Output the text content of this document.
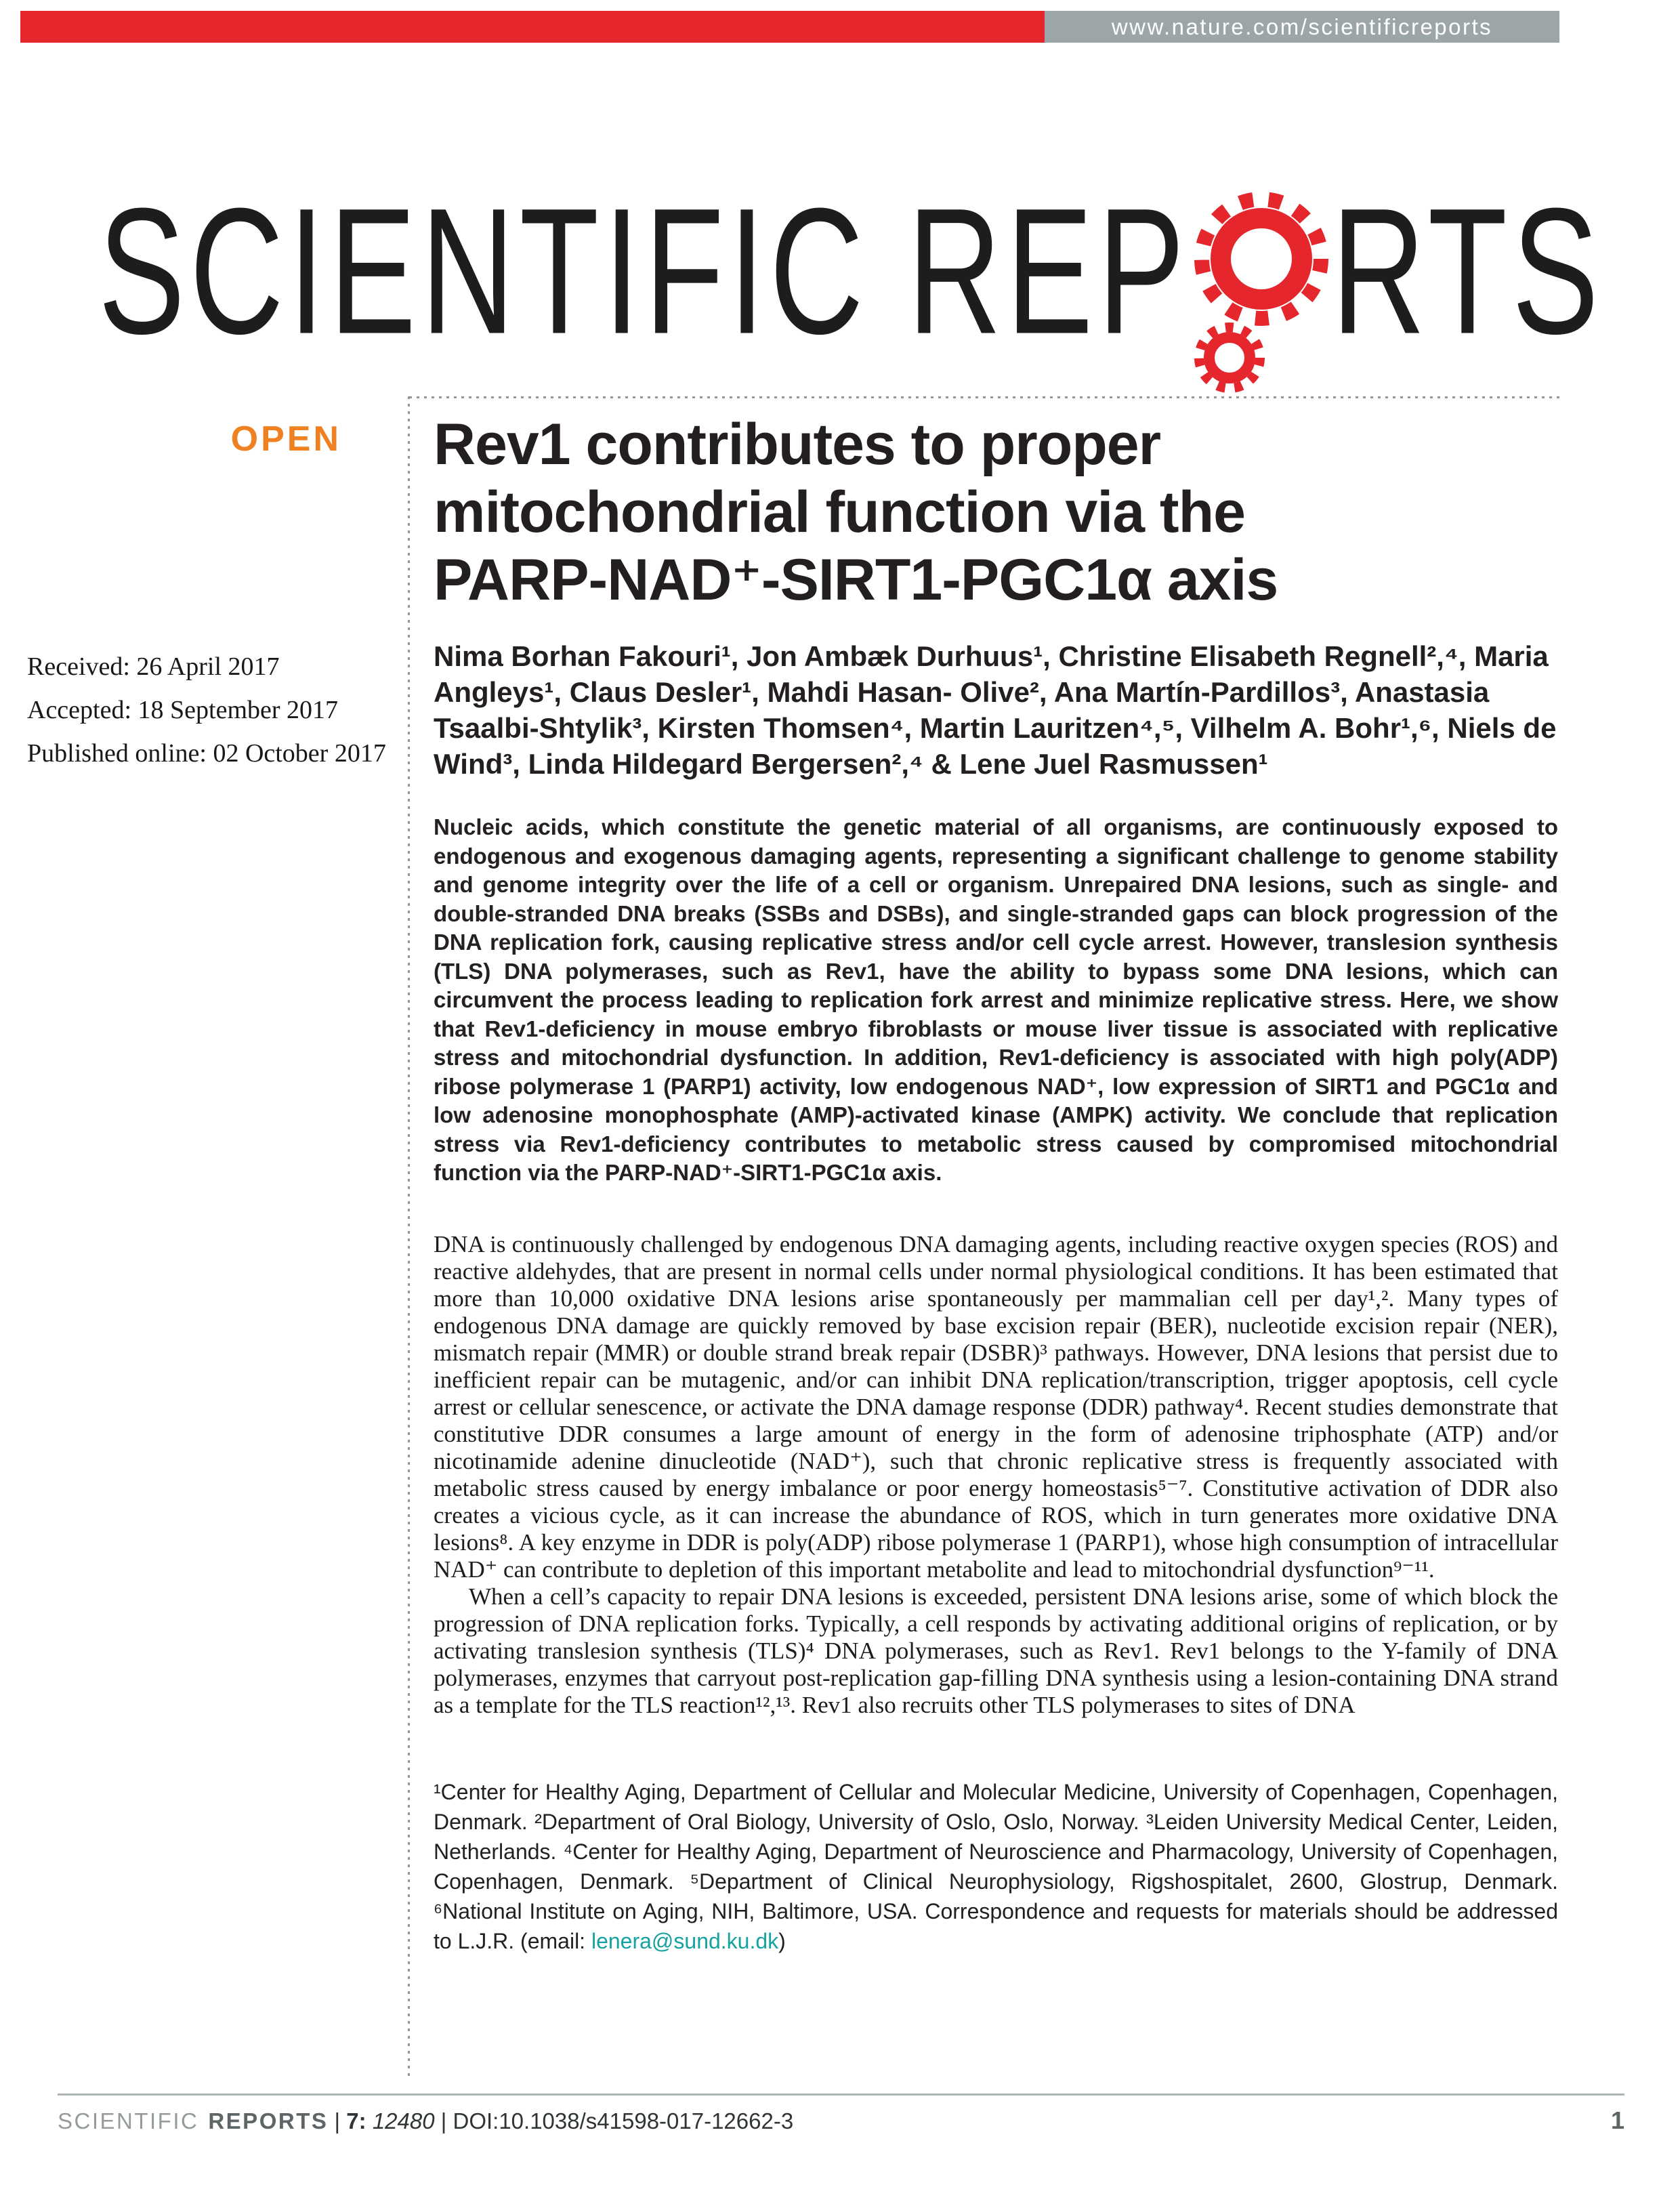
www.nature.com/scientificreports
SCIENTIFIC REP RTS
OPEN

Received: 26 April 2017

Accepted: 18 September 2017

Published online: 02 October 2017

Rev1 contributes to proper
mitochondrial function via the
PARP-NAD⁺-SIRT1-PGC1α axis
Nima Borhan Fakouri¹, Jon Ambæk Durhuus¹, Christine Elisabeth Regnell²,⁴, Maria Angleys¹, Claus Desler¹, Mahdi Hasan- Olive², Ana Martín-Pardillos³, Anastasia Tsaalbi-Shtylik³, Kirsten Thomsen⁴, Martin Lauritzen⁴,⁵, Vilhelm A. Bohr¹,⁶, Niels de Wind³, Linda Hildegard Bergersen²,⁴ & Lene Juel Rasmussen¹
Nucleic acids, which constitute the genetic material of all organisms, are continuously exposed to endogenous and exogenous damaging agents, representing a significant challenge to genome stability and genome integrity over the life of a cell or organism. Unrepaired DNA lesions, such as single- and double-stranded DNA breaks (SSBs and DSBs), and single-stranded gaps can block progression of the DNA replication fork, causing replicative stress and/or cell cycle arrest. However, translesion synthesis (TLS) DNA polymerases, such as Rev1, have the ability to bypass some DNA lesions, which can circumvent the process leading to replication fork arrest and minimize replicative stress. Here, we show that Rev1-deficiency in mouse embryo fibroblasts or mouse liver tissue is associated with replicative stress and mitochondrial dysfunction. In addition, Rev1-deficiency is associated with high poly(ADP) ribose polymerase 1 (PARP1) activity, low endogenous NAD⁺, low expression of SIRT1 and PGC1α and low adenosine monophosphate (AMP)-activated kinase (AMPK) activity. We conclude that replication stress via Rev1-deficiency contributes to metabolic stress caused by compromised mitochondrial function via the PARP-NAD⁺-SIRT1-PGC1α axis.

DNA is continuously challenged by endogenous DNA damaging agents, including reactive oxygen species (ROS) and reactive aldehydes, that are present in normal cells under normal physiological conditions. It has been estimated that more than 10,000 oxidative DNA lesions arise spontaneously per mammalian cell per day¹,². Many types of endogenous DNA damage are quickly removed by base excision repair (BER), nucleotide excision repair (NER), mismatch repair (MMR) or double strand break repair (DSBR)³ pathways. However, DNA lesions that persist due to inefficient repair can be mutagenic, and/or can inhibit DNA replication/transcription, trigger apoptosis, cell cycle arrest or cellular senescence, or activate the DNA damage response (DDR) pathway⁴. Recent studies demonstrate that constitutive DDR consumes a large amount of energy in the form of adenosine triphosphate (ATP) and/or nicotinamide adenine dinucleotide (NAD⁺), such that chronic replicative stress is frequently associated with metabolic stress caused by energy imbalance or poor energy homeostasis⁵⁻⁷. Constitutive activation of DDR also creates a vicious cycle, as it can increase the abundance of ROS, which in turn generates more oxidative DNA lesions⁸. A key enzyme in DDR is poly(ADP) ribose polymerase 1 (PARP1), whose high consumption of intracellular NAD⁺ can contribute to depletion of this important metabolite and lead to mitochondrial dysfunction⁹⁻¹¹.

When a cell’s capacity to repair DNA lesions is exceeded, persistent DNA lesions arise, some of which block the progression of DNA replication forks. Typically, a cell responds by activating additional origins of replication, or by activating translesion synthesis (TLS)⁴ DNA polymerases, such as Rev1. Rev1 belongs to the Y-family of DNA polymerases, enzymes that carryout post-replication gap-filling DNA synthesis using a lesion-containing DNA strand as a template for the TLS reaction¹²,¹³. Rev1 also recruits other TLS polymerases to sites of DNA

¹Center for Healthy Aging, Department of Cellular and Molecular Medicine, University of Copenhagen, Copenhagen, Denmark. ²Department of Oral Biology, University of Oslo, Oslo, Norway. ³Leiden University Medical Center, Leiden, Netherlands. ⁴Center for Healthy Aging, Department of Neuroscience and Pharmacology, University of Copenhagen, Copenhagen, Denmark. ⁵Department of Clinical Neurophysiology, Rigshospitalet, 2600, Glostrup, Denmark. ⁶National Institute on Aging, NIH, Baltimore, USA. Correspondence and requests for materials should be addressed to L.J.R. (email: lenera@sund.ku.dk)
SCIENTIFIC REPORTS | 7: 12480 | DOI:10.1038/s41598-017-12662-3	1
